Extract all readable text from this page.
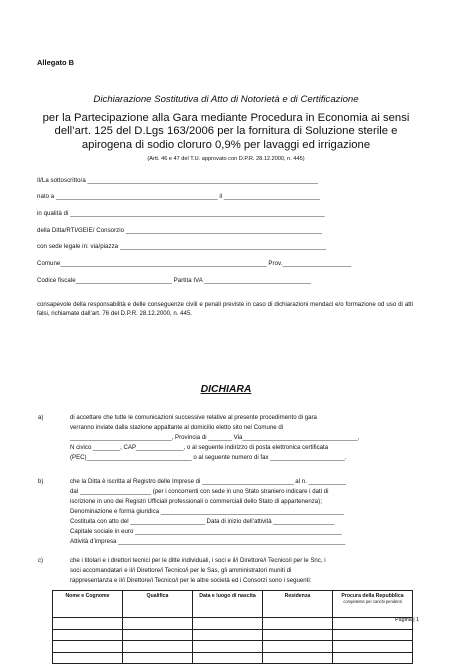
Allegato B
Dichiarazione Sostitutiva di Atto di Notorietà e di Certificazione
per la Partecipazione alla Gara mediante Procedura in Economia ai sensi dell’art. 125 del D.Lgs 163/2006 per la fornitura di Soluzione sterile e apirogena di sodio cloruro 0,9% per lavaggi ed irrigazione
(Artt. 46 e 47 del T.U. approvato con D.P.R. 28.12.2000, n. 445)
Il/La sottoscritto/a ___________________________________________________________________
nato a _______________________________________________ il ____________________________
in qualità di __________________________________________________________________________
della Ditta/RTI/GEIE/ Consorzio _________________________________________________________
con sede legale in: via/piazza ____________________________________________________________
Comune____________________________________________________________ Prov.____________________
Codice fiscale____________________________ Partita IVA _______________________________
consapevole della responsabilità e delle conseguenze civili e penali previste in caso di dichiarazioni mendaci e/o formazione od uso di atti falsi, richiamate dall’art. 76 del D.P.R. 28.12.2000, n. 445.
DICHIARA
a)	di accettare che tutte le comunicazioni successive relative al presente procedimento di gara
verranno inviate dalla stazione appaltante al domicilio eletto sito nel Comune di
______________________________, Provincia di _______ Via__________________________________,
N civico ________, CAP______________, o al seguente indirizzo di posta elettronica certificata
(PEC)_______________________________ o al seguente numero di fax ______________________.
b)	che la Ditta è iscritta al Registro delle Imprese di ___________________________ al n. ___________
dal _____________________ (per i concorrenti con sede in uno Stato straniero indicare i dati di
iscrizione in uno dei Registri Ufficiali professionali o commerciali dello Stato di appartenenza);
Denominazione e forma giuridica ______________________________________________________
Costituita con atto del ______________________ Data di inizio dell’attività __________________
Capitale sociale in euro _____________________________________________________________
Attività d’impresa ___________________________________________________________________
c)	che i titolari e i direttori tecnici per le ditte individuali, i soci e il/i Direttore/i Tecnico/i per le Snc, i
soci accomandatari e il/i Direttore/i Tecnico/i per le Sas, gli amministratori muniti di
rappresentanza e il/i Direttore/i Tecnico/i per le altre società ed i Consorzi sono i seguenti:
Nome e Cognome	Qualifica	Data e luogo di nascita	Residenza	Procura della Repubblica
competente per carichi pendenti

Pagina | 1
